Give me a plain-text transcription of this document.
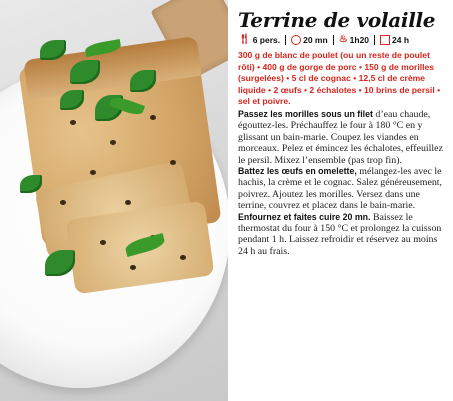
Terrine de volaille
🍴︎ 6 pers.	20 mn ♨︎ 1h20	24 h

300 g de blanc de poulet (ou un reste de poulet rôti) • 400 g de gorge de porc • 150 g de morilles (surgelées) • 5 cl de cognac • 12,5 cl de crème liquide • 2 œufs • 2 échalotes • 10 brins de persil • sel et poivre.

Passez les morilles sous un filet d’eau chaude, égouttez-les. Préchauffez le four à 180 °C en y glissant un bain-marie. Coupez les viandes en morceaux. Pelez et émincez les échalotes, effeuillez le persil. Mixez l’ensemble (pas trop fin).

Battez les œufs en omelette, mélangez-les avec le hachis, la crème et le cognac. Salez généreusement, poivrez. Ajoutez les morilles. Versez dans une terrine, couvrez et placez dans le bain-marie.

Enfournez et faites cuire 20 mn. Baissez le thermostat du four à 150 °C et prolongez la cuisson pendant 1 h. Laissez refroidir et réservez au moins 24 h au frais.
